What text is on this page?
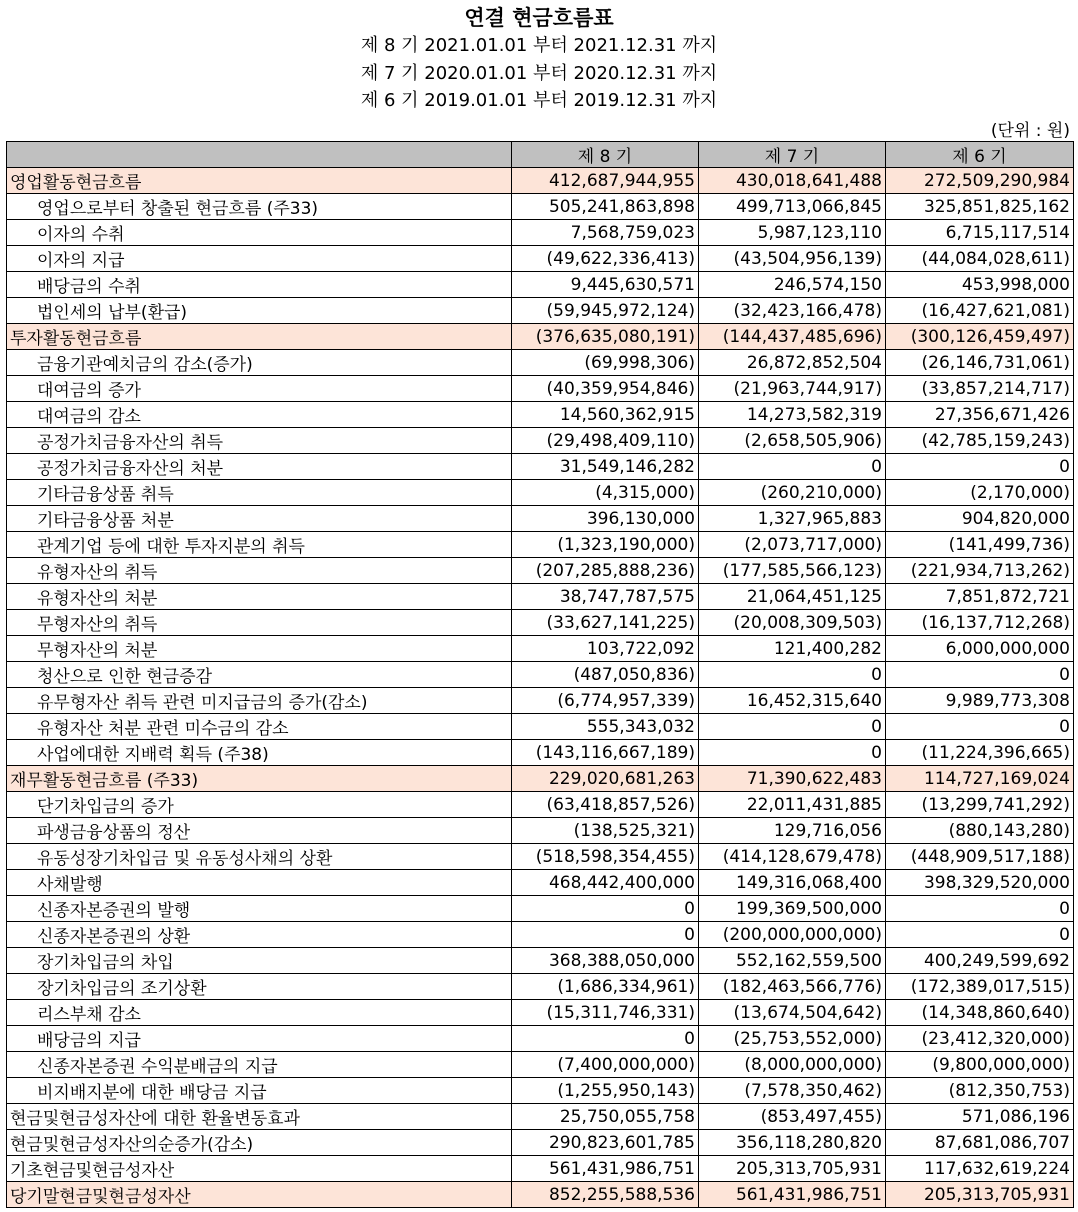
연결 현금흐름표
제 8 기 2021.01.01 부터 2021.12.31 까지
제 7 기 2020.01.01 부터 2020.12.31 까지
제 6 기 2019.01.01 부터 2019.12.31 까지
(단위 : 원)
	제 8 기	제 7 기	제 6 기
영업활동현금흐름	412,687,944,955	430,018,641,488	272,509,290,984
영업으로부터 창출된 현금흐름 (주33)	505,241,863,898	499,713,066,845	325,851,825,162
이자의 수취	7,568,759,023	5,987,123,110	6,715,117,514
이자의 지급	(49,622,336,413)	(43,504,956,139)	(44,084,028,611)
배당금의 수취	9,445,630,571	246,574,150	453,998,000
법인세의 납부(환급)	(59,945,972,124)	(32,423,166,478)	(16,427,621,081)
투자활동현금흐름	(376,635,080,191)	(144,437,485,696)	(300,126,459,497)
금융기관예치금의 감소(증가)	(69,998,306)	26,872,852,504	(26,146,731,061)
대여금의 증가	(40,359,954,846)	(21,963,744,917)	(33,857,214,717)
대여금의 감소	14,560,362,915	14,273,582,319	27,356,671,426
공정가치금융자산의 취득	(29,498,409,110)	(2,658,505,906)	(42,785,159,243)
공정가치금융자산의 처분	31,549,146,282	0	0
기타금융상품 취득	(4,315,000)	(260,210,000)	(2,170,000)
기타금융상품 처분	396,130,000	1,327,965,883	904,820,000
관계기업 등에 대한 투자지분의 취득	(1,323,190,000)	(2,073,717,000)	(141,499,736)
유형자산의 취득	(207,285,888,236)	(177,585,566,123)	(221,934,713,262)
유형자산의 처분	38,747,787,575	21,064,451,125	7,851,872,721
무형자산의 취득	(33,627,141,225)	(20,008,309,503)	(16,137,712,268)
무형자산의 처분	103,722,092	121,400,282	6,000,000,000
청산으로 인한 현금증감	(487,050,836)	0	0
유무형자산 취득 관련 미지급금의 증가(감소)	(6,774,957,339)	16,452,315,640	9,989,773,308
유형자산 처분 관련 미수금의 감소	555,343,032	0	0
사업에대한 지배력 획득 (주38)	(143,116,667,189)	0	(11,224,396,665)
재무활동현금흐름 (주33)	229,020,681,263	71,390,622,483	114,727,169,024
단기차입금의 증가	(63,418,857,526)	22,011,431,885	(13,299,741,292)
파생금융상품의 정산	(138,525,321)	129,716,056	(880,143,280)
유동성장기차입금 및 유동성사채의 상환	(518,598,354,455)	(414,128,679,478)	(448,909,517,188)
사채발행	468,442,400,000	149,316,068,400	398,329,520,000
신종자본증권의 발행	0	199,369,500,000	0
신종자본증권의 상환	0	(200,000,000,000)	0
장기차입금의 차입	368,388,050,000	552,162,559,500	400,249,599,692
장기차입금의 조기상환	(1,686,334,961)	(182,463,566,776)	(172,389,017,515)
리스부채 감소	(15,311,746,331)	(13,674,504,642)	(14,348,860,640)
배당금의 지급	0	(25,753,552,000)	(23,412,320,000)
신종자본증권 수익분배금의 지급	(7,400,000,000)	(8,000,000,000)	(9,800,000,000)
비지배지분에 대한 배당금 지급	(1,255,950,143)	(7,578,350,462)	(812,350,753)
현금및현금성자산에 대한 환율변동효과	25,750,055,758	(853,497,455)	571,086,196
현금및현금성자산의순증가(감소)	290,823,601,785	356,118,280,820	87,681,086,707
기초현금및현금성자산	561,431,986,751	205,313,705,931	117,632,619,224
당기말현금및현금성자산	852,255,588,536	561,431,986,751	205,313,705,931
